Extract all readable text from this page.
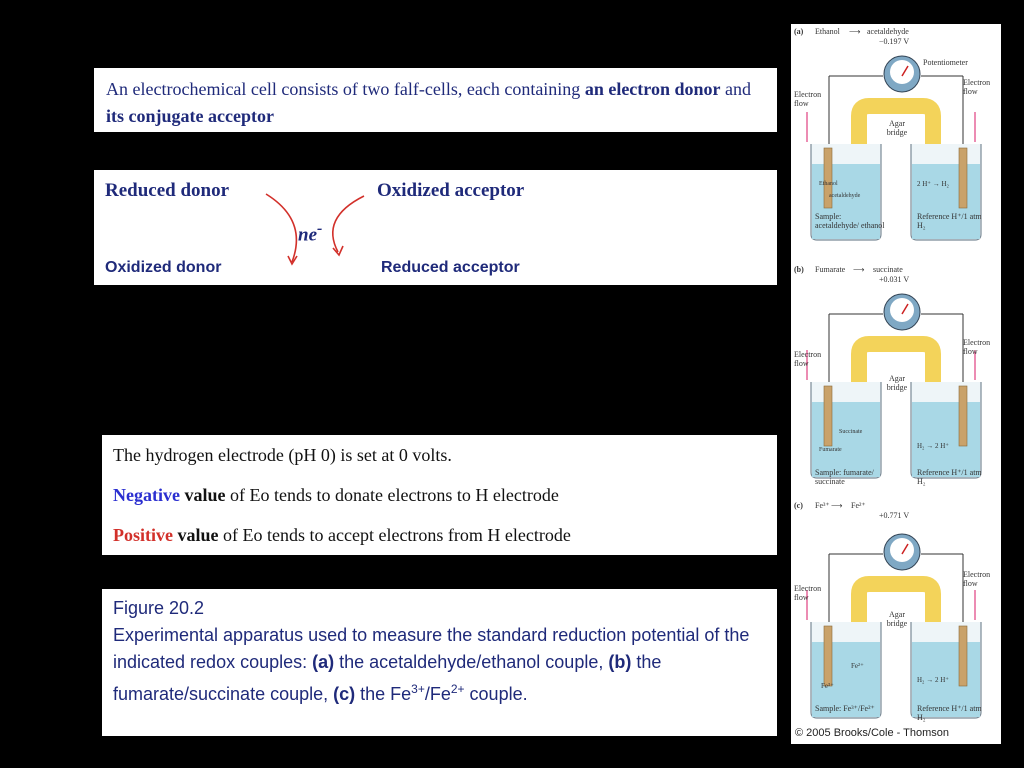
An electrochemical cell consists of two falf-cells, each containing an electron donor and its conjugate acceptor
Reduced donor	Oxidized acceptor
ne-
Oxidized donor	Reduced acceptor
The hydrogen electrode (pH 0) is set at 0 volts.
Negative value of Eo tends to donate electrons to H electrode
Positive value of Eo tends to accept electrons from H electrode
Figure 20.2
Experimental apparatus used to measure the standard reduction potential of the indicated redox couples: (a) the acetaldehyde/ethanol couple, (b) the fumarate/succinate couple, (c) the $Fe^{3+}/Fe^{2+}$ couple.
(a) Ethanol ⟶ acetaldehyde
−0.197 V
Potentiometer
Electron flow
Electron flow
Agar bridge
Ethanol
acetaldehyde
2 H⁺ → H₂
Sample: acetaldehyde/ ethanol
Reference H⁺/1 atm H₂
(b) Fumarate ⟶ succinate
+0.031 V
Electron flow
Electron flow
Agar bridge
Succinate
Fumarate	H₂ → 2 H⁺
Sample: fumarate/ succinate
Reference H⁺/1 atm H₂
(c) Fe³⁺ ⟶ Fe²⁺
+0.771 V
Electron flow
Electron flow
Agar bridge
Fe²⁺
Fe³⁺
H₂ → 2 H⁺
Sample: Fe³⁺/Fe²⁺	Reference H⁺/1 atm H₂
© 2005 Brooks/Cole - Thomson
